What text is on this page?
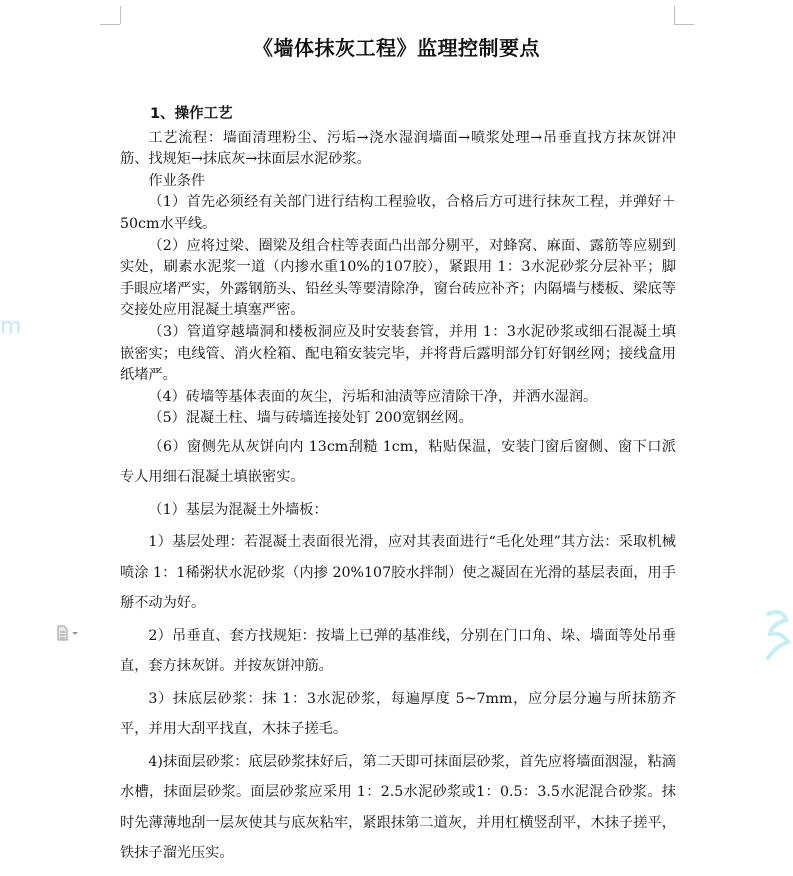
《墙体抹灰工程》监理控制要点
1、操作工艺

工艺流程：墙面清理粉尘、污垢→浇水湿润墙面→喷浆处理→吊垂直找方抹灰饼冲筋、找规矩→抹底灰→抹面层水泥砂浆。

作业条件

（1）首先必须经有关部门进行结构工程验收，合格后方可进行抹灰工程，并弹好＋50cm水平线。

（2）应将过梁、圈梁及组合柱等表面凸出部分剔平，对蜂窝、麻面、露筋等应剔到实处，刷素水泥浆一道（内掺水重10%的107胶），紧跟用 1：3水泥砂浆分层补平；脚手眼应堵严实，外露钢筋头、铅丝头等要清除净，窗台砖应补齐；内隔墙与楼板、梁底等交接处应用混凝土填塞严密。

（3）管道穿越墙洞和楼板洞应及时安装套管，并用 1：3水泥砂浆或细石混凝土填嵌密实；电线管、消火栓箱、配电箱安装完毕，并将背后露明部分钉好钢丝网；接线盒用纸堵严。

（4）砖墙等基体表面的灰尘，污垢和油渍等应清除干净，并洒水湿润。

（5）混凝土柱、墙与砖墙连接处钉 200宽钢丝网。

（6）窗侧先从灰饼向内 13cm刮糙 1cm，粘贴保温，安装门窗后窗侧、窗下口派专人用细石混凝土填嵌密实。

（1）基层为混凝土外墙板：

1）基层处理：若混凝土表面很光滑，应对其表面进行“毛化处理”其方法：采取机械喷涂 1：1稀粥状水泥砂浆（内掺 20%107胶水拌制）使之凝固在光滑的基层表面，用手掰不动为好。

2）吊垂直、套方找规矩：按墙上已弹的基准线，分别在门口角、垛、墙面等处吊垂直，套方抹灰饼。并按灰饼冲筋。

3）抹底层砂浆：抹 1：3水泥砂浆，每遍厚度 5~7mm，应分层分遍与所抹筋齐平，并用大刮平找直，木抹子搓毛。

4)抹面层砂浆：底层砂浆抹好后，第二天即可抹面层砂浆，首先应将墙面洇湿，粘滴水槽，抹面层砂浆。面层砂浆应采用 1：2.5水泥砂浆或1：0.5：3.5水泥混合砂浆。抹时先薄薄地刮一层灰使其与底灰粘牢，紧跟抹第二道灰，并用杠横竖刮平，木抹子搓平，铁抹子溜光压实。

m
